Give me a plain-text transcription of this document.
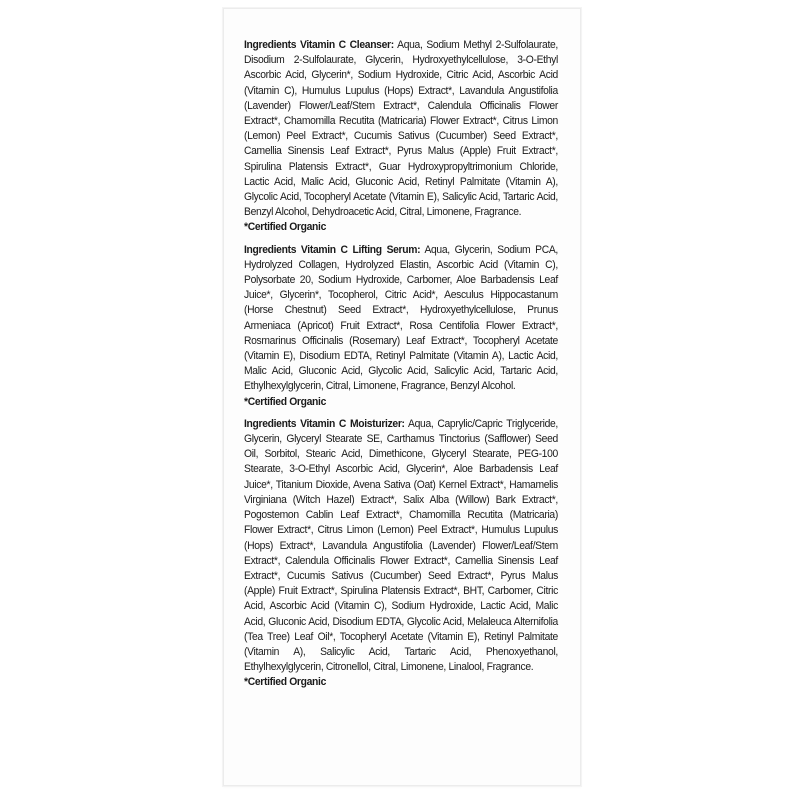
Ingredients Vitamin C Cleanser: Aqua, Sodium Methyl 2-Sulfolaurate, Disodium 2-Sulfolaurate, Glycerin, Hydroxyethylcellulose, 3-O-Ethyl Ascorbic Acid, Glycerin*, Sodium Hydroxide, Citric Acid, Ascorbic Acid (Vitamin C), Humulus Lupulus (Hops) Extract*, Lavandula Angustifolia (Lavender) Flower/Leaf/Stem Extract*, Calendula Officinalis Flower Extract*, Chamomilla Recutita (Matricaria) Flower Extract*, Citrus Limon (Lemon) Peel Extract*, Cucumis Sativus (Cucumber) Seed Extract*, Camellia Sinensis Leaf Extract*, Pyrus Malus (Apple) Fruit Extract*, Spirulina Platensis Extract*, Guar Hydroxypropyltrimonium Chloride, Lactic Acid, Malic Acid, Gluconic Acid, Retinyl Palmitate (Vitamin A), Glycolic Acid, Tocopheryl Acetate (Vitamin E), Salicylic Acid, Tartaric Acid, Benzyl Alcohol, Dehydroacetic Acid, Citral, Limonene, Fragrance.

*Certified Organic

Ingredients Vitamin C Lifting Serum: Aqua, Glycerin, Sodium PCA, Hydrolyzed Collagen, Hydrolyzed Elastin, Ascorbic Acid (Vitamin C), Polysorbate 20, Sodium Hydroxide, Carbomer, Aloe Barbadensis Leaf Juice*, Glycerin*, Tocopherol, Citric Acid*, Aesculus Hippocastanum (Horse Chestnut) Seed Extract*, Hydroxyethylcellulose, Prunus Armeniaca (Apricot) Fruit Extract*, Rosa Centifolia Flower Extract*, Rosmarinus Officinalis (Rosemary) Leaf Extract*, Tocopheryl Acetate (Vitamin E), Disodium EDTA, Retinyl Palmitate (Vitamin A), Lactic Acid, Malic Acid, Gluconic Acid, Glycolic Acid, Salicylic Acid, Tartaric Acid, Ethylhexylglycerin, Citral, Limonene, Fragrance, Benzyl Alcohol.

*Certified Organic

Ingredients Vitamin C Moisturizer: Aqua, Caprylic/Capric Triglyceride, Glycerin, Glyceryl Stearate SE, Carthamus Tinctorius (Safflower) Seed Oil, Sorbitol, Stearic Acid, Dimethicone, Glyceryl Stearate, PEG-100 Stearate, 3-O-Ethyl Ascorbic Acid, Glycerin*, Aloe Barbadensis Leaf Juice*, Titanium Dioxide, Avena Sativa (Oat) Kernel Extract*, Hamamelis Virginiana (Witch Hazel) Extract*, Salix Alba (Willow) Bark Extract*, Pogostemon Cablin Leaf Extract*, Chamomilla Recutita (Matricaria) Flower Extract*, Citrus Limon (Lemon) Peel Extract*, Humulus Lupulus (Hops) Extract*, Lavandula Angustifolia (Lavender) Flower/Leaf/Stem Extract*, Calendula Officinalis Flower Extract*, Camellia Sinensis Leaf Extract*, Cucumis Sativus (Cucumber) Seed Extract*, Pyrus Malus (Apple) Fruit Extract*, Spirulina Platensis Extract*, BHT, Carbomer, Citric Acid, Ascorbic Acid (Vitamin C), Sodium Hydroxide, Lactic Acid, Malic Acid, Gluconic Acid, Disodium EDTA, Glycolic Acid, Melaleuca Alternifolia (Tea Tree) Leaf Oil*, Tocopheryl Acetate (Vitamin E), Retinyl Palmitate (Vitamin A), Salicylic Acid, Tartaric Acid, Phenoxyethanol, Ethylhexylglycerin, Citronellol, Citral, Limonene, Linalool, Fragrance.

*Certified Organic
